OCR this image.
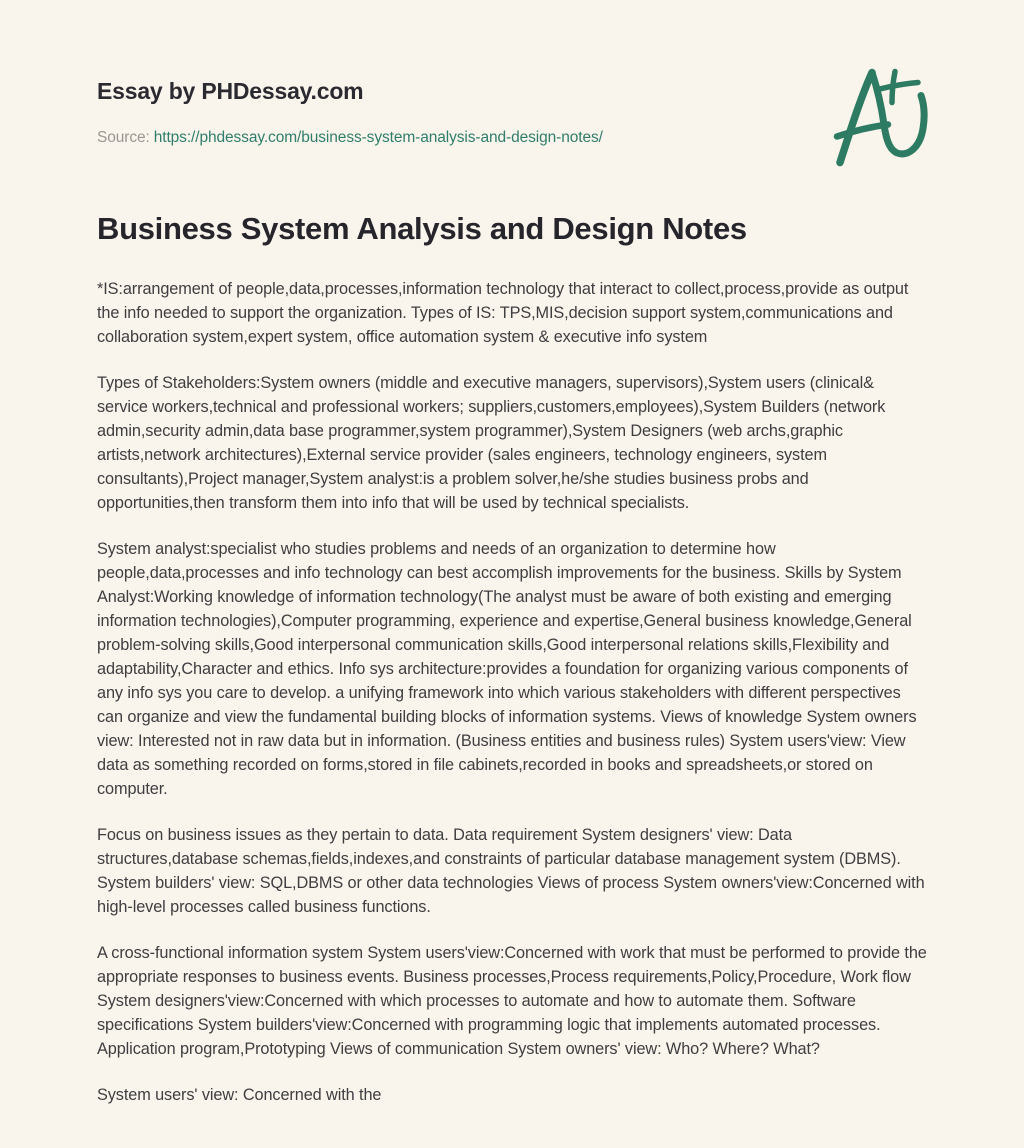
Essay by PHDessay.com
Source: https://phdessay.com/business-system-analysis-and-design-notes/
Business System Analysis and Design Notes

*IS:arrangement of people,data,processes,information technology that interact to collect,process,provide as output the info needed to support the organization. Types of IS: TPS,MIS,decision support system,communications and collaboration system,expert system, office automation system & executive info system

Types of Stakeholders:System owners (middle and executive managers, supervisors),System users (clinical& service workers,technical and professional workers; suppliers,customers,employees),System Builders (network admin,security admin,data base programmer,system programmer),System Designers (web archs,graphic artists,network architectures),External service provider (sales engineers, technology engineers, system consultants),Project manager,System analyst:is a problem solver,he/she studies business probs and opportunities,then transform them into info that will be used by technical specialists.

System analyst:specialist who studies problems and needs of an organization to determine how people,data,processes and info technology can best accomplish improvements for the business. Skills by System Analyst:Working knowledge of information technology(The analyst must be aware of both existing and emerging information technologies),Computer programming, experience and expertise,General business knowledge,General problem-solving skills,Good interpersonal communication skills,Good interpersonal relations skills,Flexibility and adaptability,Character and ethics. Info sys architecture:provides a foundation for organizing various components of any info sys you care to develop. a unifying framework into which various stakeholders with different perspectives can organize and view the fundamental building blocks of information systems. Views of knowledge System owners view: Interested not in raw data but in information. (Business entities and business rules) System users'view: View data as something recorded on forms,stored in file cabinets,recorded in books and spreadsheets,or stored on computer.

Focus on business issues as they pertain to data. Data requirement System designers' view: Data structures,database schemas,fields,indexes,and constraints of particular database management system (DBMS). System builders' view: SQL,DBMS or other data technologies Views of process System owners'view:Concerned with high-level processes called business functions.

A cross-functional information system System users'view:Concerned with work that must be performed to provide the appropriate responses to business events. Business processes,Process requirements,Policy,Procedure, Work flow System designers'view:Concerned with which processes to automate and how to automate them. Software specifications System builders'view:Concerned with programming logic that implements automated processes. Application program,Prototyping Views of communication System owners' view: Who? Where? What?

System users' view: Concerned with the
